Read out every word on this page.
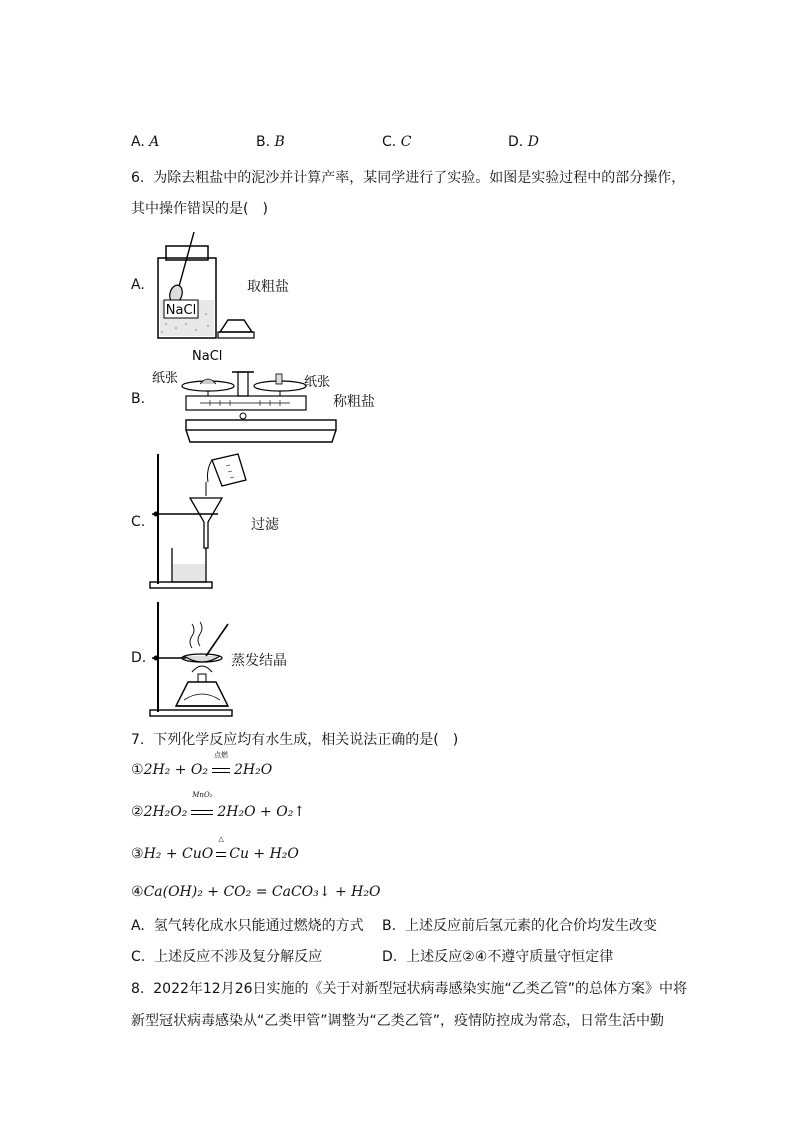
A. A	B. B	C. C	D. D
6. 为除去粗盐中的泥沙并计算产率，某同学进行了实验。如图是实验过程中的部分操作，
其中操作错误的是(　)
A.
NaCl
取粗盐
B.
NaCl
纸张	纸张
称粗盐
C.	过滤
D.	蒸发结晶
7. 下列化学反应均有水生成，相关说法正确的是(　)
①2H₂ + O₂
点燃
2H₂O
②2H₂O₂
MnO₂
2H₂O + O₂↑
③H₂ + CuO
△
Cu + H₂O
④Ca(OH)₂ + CO₂ = CaCO₃↓ + H₂O
A. 氢气转化成水只能通过燃烧的方式 B. 上述反应前后氢元素的化合价均发生改变
C. 上述反应不涉及复分解反应	D. 上述反应②④不遵守质量守恒定律
8. 2022年12月26日实施的《关于对新型冠状病毒感染实施“乙类乙管”的总体方案》中将
新型冠状病毒感染从“乙类甲管”调整为“乙类乙管”，疫情防控成为常态，日常生活中勤
